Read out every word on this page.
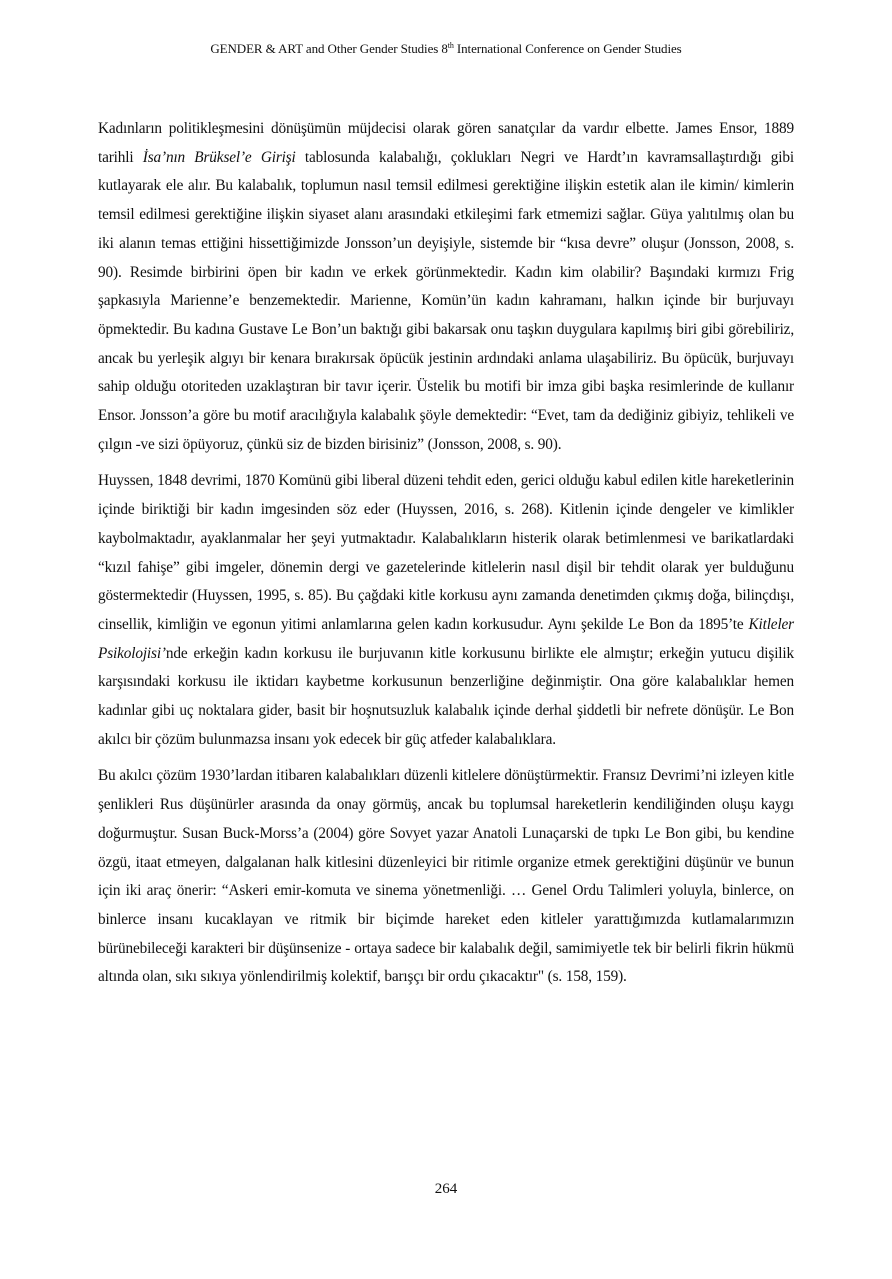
GENDER & ART and Other Gender Studies 8th International Conference on Gender Studies

Kadınların politikleşmesini dönüşümün müjdecisi olarak gören sanatçılar da vardır elbette. James Ensor, 1889 tarihli İsa’nın Brüksel’e Girişi tablosunda kalabalığı, çoklukları Negri ve Hardt’ın kavramsallaştırdığı gibi kutlayarak ele alır. Bu kalabalık, toplumun nasıl temsil edilmesi gerektiğine ilişkin estetik alan ile kimin/ kimlerin temsil edilmesi gerektiğine ilişkin siyaset alanı arasındaki etkileşimi fark etmemizi sağlar. Güya yalıtılmış olan bu iki alanın temas ettiğini hissettiğimizde Jonsson’un deyişiyle, sistemde bir “kısa devre” oluşur (Jonsson, 2008, s. 90). Resimde birbirini öpen bir kadın ve erkek görünmektedir. Kadın kim olabilir? Başındaki kırmızı Frig şapkasıyla Marienne’e benzemektedir. Marienne, Komün’ün kadın kahramanı, halkın içinde bir burjuvayı öpmektedir. Bu kadına Gustave Le Bon’un baktığı gibi bakarsak onu taşkın duygulara kapılmış biri gibi görebiliriz, ancak bu yerleşik algıyı bir kenara bırakırsak öpücük jestinin ardındaki anlama ulaşabiliriz. Bu öpücük, burjuvayı sahip olduğu otoriteden uzaklaştıran bir tavır içerir. Üstelik bu motifi bir imza gibi başka resimlerinde de kullanır Ensor. Jonsson’a göre bu motif aracılığıyla kalabalık şöyle demektedir: “Evet, tam da dediğiniz gibiyiz, tehlikeli ve çılgın -ve sizi öpüyoruz, çünkü siz de bizden birisiniz” (Jonsson, 2008, s. 90).

Huyssen, 1848 devrimi, 1870 Komünü gibi liberal düzeni tehdit eden, gerici olduğu kabul edilen kitle hareketlerinin içinde biriktiği bir kadın imgesinden söz eder (Huyssen, 2016, s. 268). Kitlenin içinde dengeler ve kimlikler kaybolmaktadır, ayaklanmalar her şeyi yutmaktadır. Kalabalıkların histerik olarak betimlenmesi ve barikatlardaki “kızıl fahişe” gibi imgeler, dönemin dergi ve gazetelerinde kitlelerin nasıl dişil bir tehdit olarak yer bulduğunu göstermektedir (Huyssen, 1995, s. 85). Bu çağdaki kitle korkusu aynı zamanda denetimden çıkmış doğa, bilinçdışı, cinsellik, kimliğin ve egonun yitimi anlamlarına gelen kadın korkusudur. Aynı şekilde Le Bon da 1895’te Kitleler Psikolojisi’nde erkeğin kadın korkusu ile burjuvanın kitle korkusunu birlikte ele almıştır; erkeğin yutucu dişilik karşısındaki korkusu ile iktidarı kaybetme korkusunun benzerliğine değinmiştir. Ona göre kalabalıklar hemen kadınlar gibi uç noktalara gider, basit bir hoşnutsuzluk kalabalık içinde derhal şiddetli bir nefrete dönüşür. Le Bon akılcı bir çözüm bulunmazsa insanı yok edecek bir güç atfeder kalabalıklara.

Bu akılcı çözüm 1930’lardan itibaren kalabalıkları düzenli kitlelere dönüştürmektir. Fransız Devrimi’ni izleyen kitle şenlikleri Rus düşünürler arasında da onay görmüş, ancak bu toplumsal hareketlerin kendiliğinden oluşu kaygı doğurmuştur. Susan Buck-Morss’a (2004) göre Sovyet yazar Anatoli Lunaçarski de tıpkı Le Bon gibi, bu kendine özgü, itaat etmeyen, dalgalanan halk kitlesini düzenleyici bir ritimle organize etmek gerektiğini düşünür ve bunun için iki araç önerir: “Askeri emir-komuta ve sinema yönetmenliği. … Genel Ordu Talimleri yoluyla, binlerce, on binlerce insanı kucaklayan ve ritmik bir biçimde hareket eden kitleler yarattığımızda kutlamalarımızın bürünebileceği karakteri bir düşünsenize - ortaya sadece bir kalabalık değil, samimiyetle tek bir belirli fikrin hükmü altında olan, sıkı sıkıya yönlendirilmiş kolektif, barışçı bir ordu çıkacaktır" (s. 158, 159).

264
